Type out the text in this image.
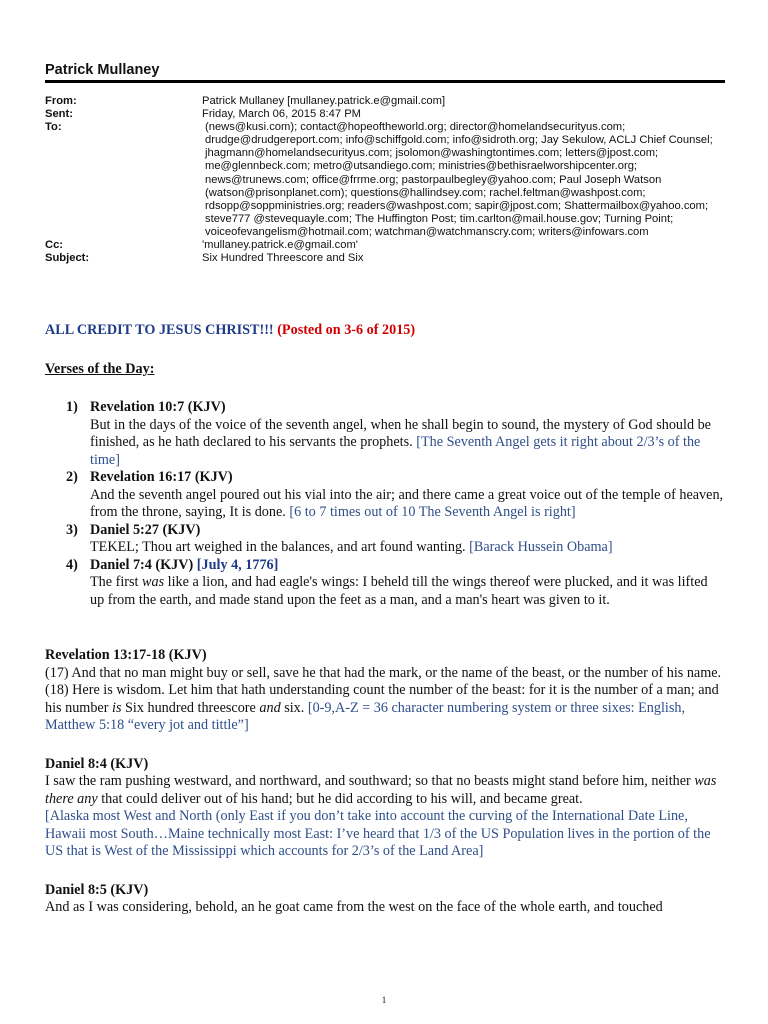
Patrick Mullaney
From:	Patrick Mullaney [mullaney.patrick.e@gmail.com]
Sent:	Friday, March 06, 2015 8:47 PM
To:	(news@kusi.com); contact@hopeoftheworld.org; director@homelandsecurityus.com; drudge@drudgereport.com; info@schiffgold.com; info@sidroth.org; Jay Sekulow, ACLJ Chief Counsel; jhagmann@homelandsecurityus.com; jsolomon@washingtontimes.com; letters@jpost.com; me@glennbeck.com; metro@utsandiego.com; ministries@bethisraelworshipcenter.org; news@trunews.com; office@frrme.org; pastorpaulbegley@yahoo.com; Paul Joseph Watson (watson@prisonplanet.com); questions@hallindsey.com; rachel.feltman@washpost.com; rdsopp@soppministries.org; readers@washpost.com; sapir@jpost.com; Shattermailbox@yahoo.com; steve777 @stevequayle.com; The Huffington Post; tim.carlton@mail.house.gov; Turning Point; voiceofevangelism@hotmail.com; watchman@watchmanscry.com; writers@infowars.com
Cc:	'mullaney.patrick.e@gmail.com'
Subject:	Six Hundred Threescore and Six

ALL CREDIT TO JESUS CHRIST!!! (Posted on 3-6 of 2015)

Verses of the Day:

1) Revelation 10:7 (KJV)
But in the days of the voice of the seventh angel, when he shall begin to sound, the mystery of God should be finished, as he hath declared to his servants the prophets. [The Seventh Angel gets it right about 2/3’s of the time]
2) Revelation 16:17 (KJV)
And the seventh angel poured out his vial into the air; and there came a great voice out of the temple of heaven, from the throne, saying, It is done. [6 to 7 times out of 10 The Seventh Angel is right]
3) Daniel 5:27 (KJV)
TEKEL; Thou art weighed in the balances, and art found wanting. [Barack Hussein Obama]
4) Daniel 7:4 (KJV) [July 4, 1776]
The first was like a lion, and had eagle's wings: I beheld till the wings thereof were plucked, and it was lifted up from the earth, and made stand upon the feet as a man, and a man's heart was given to it.
Revelation 13:17-18 (KJV)

(17) And that no man might buy or sell, save he that had the mark, or the name of the beast, or the number of his name.

(18) Here is wisdom. Let him that hath understanding count the number of the beast: for it is the number of a man; and his number is Six hundred threescore and six. [0-9,A-Z = 36 character numbering system or three sixes: English, Matthew 5:18 “every jot and tittle”]

Daniel 8:4 (KJV)

I saw the ram pushing westward, and northward, and southward; so that no beasts might stand before him, neither was there any that could deliver out of his hand; but he did according to his will, and became great.

[Alaska most West and North (only East if you don’t take into account the curving of the International Date Line, Hawaii most South…Maine technically most East: I’ve heard that 1/3 of the US Population lives in the portion of the US that is West of the Mississippi which accounts for 2/3’s of the Land Area]

Daniel 8:5 (KJV)

And as I was considering, behold, an he goat came from the west on the face of the whole earth, and touched

1
